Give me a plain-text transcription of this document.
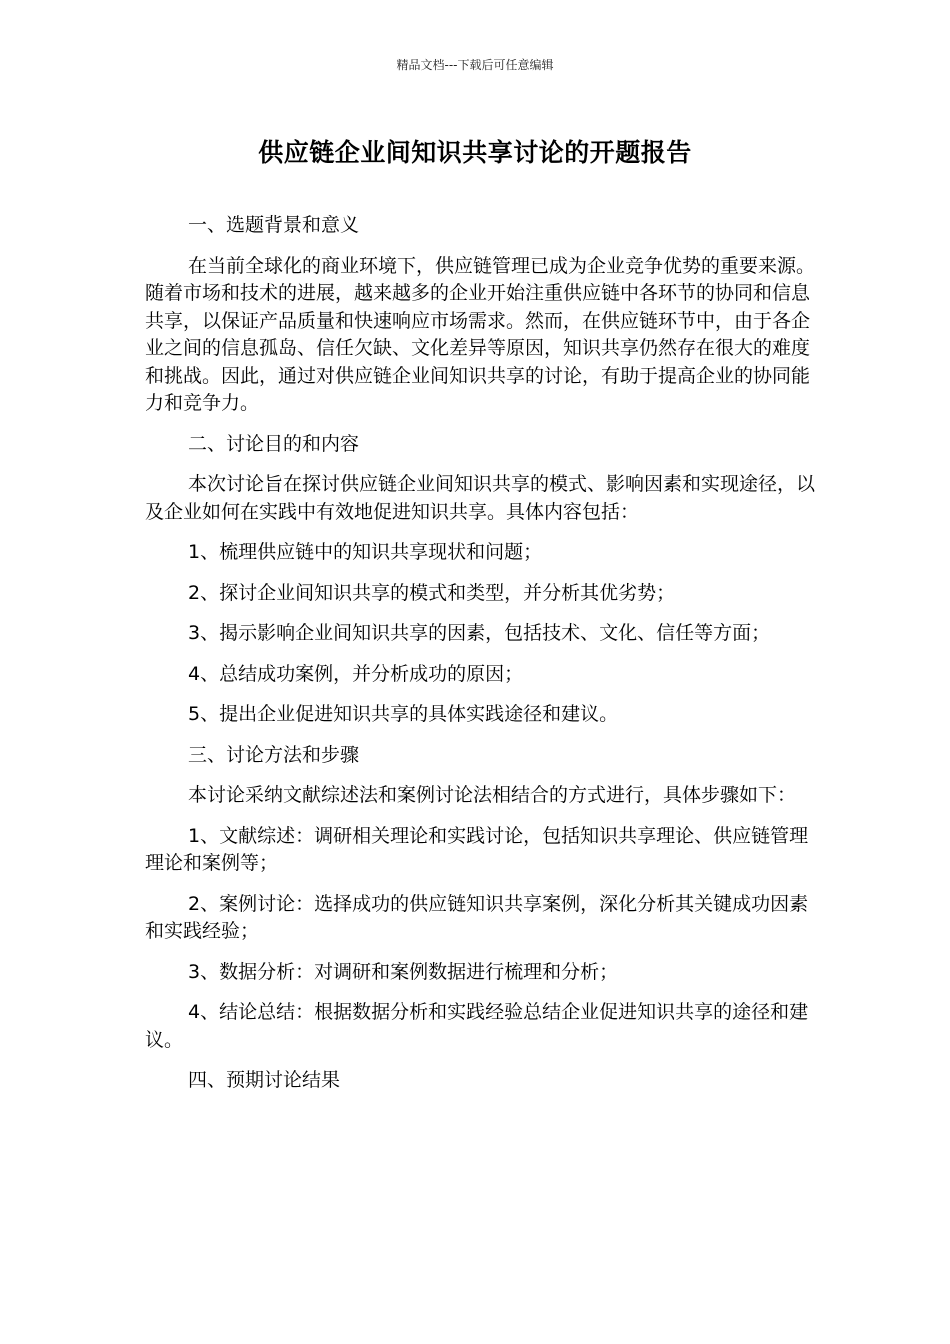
精品文档---下载后可任意编辑
供应链企业间知识共享讨论的开题报告

一、选题背景和意义

在当前全球化的商业环境下，供应链管理已成为企业竞争优势的重要来源。随着市场和技术的进展，越来越多的企业开始注重供应链中各环节的协同和信息共享，以保证产品质量和快速响应市场需求。然而，在供应链环节中，由于各企业之间的信息孤岛、信任欠缺、文化差异等原因，知识共享仍然存在很大的难度和挑战。因此，通过对供应链企业间知识共享的讨论，有助于提高企业的协同能力和竞争力。

二、讨论目的和内容

本次讨论旨在探讨供应链企业间知识共享的模式、影响因素和实现途径，以及企业如何在实践中有效地促进知识共享。具体内容包括：

1、梳理供应链中的知识共享现状和问题；

2、探讨企业间知识共享的模式和类型，并分析其优劣势；

3、揭示影响企业间知识共享的因素，包括技术、文化、信任等方面；

4、总结成功案例，并分析成功的原因；

5、提出企业促进知识共享的具体实践途径和建议。

三、讨论方法和步骤

本讨论采纳文献综述法和案例讨论法相结合的方式进行，具体步骤如下：

1、文献综述：调研相关理论和实践讨论，包括知识共享理论、供应链管理理论和案例等；

2、案例讨论：选择成功的供应链知识共享案例，深化分析其关键成功因素和实践经验；

3、数据分析：对调研和案例数据进行梳理和分析；

4、结论总结：根据数据分析和实践经验总结企业促进知识共享的途径和建议。

四、预期讨论结果
